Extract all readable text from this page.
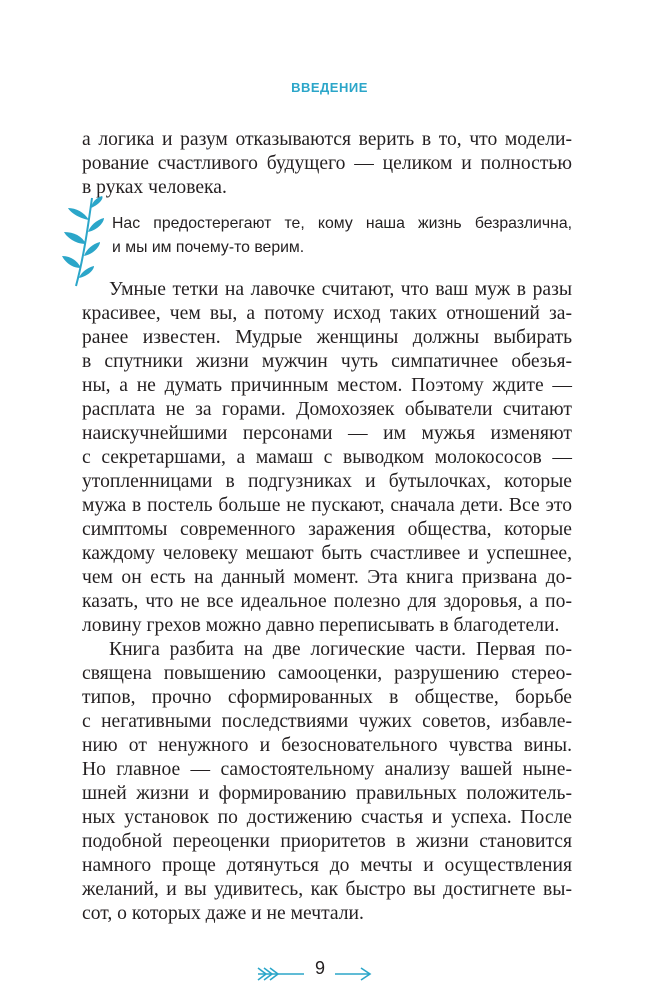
ВВЕДЕНИЕ
а логика и разум отказываются верить в то, что модели-
рование счастливого будущего — целиком и полностью
в руках человека.
Нас предостерегают те, кому наша жизнь безразлична,
и мы им почему-то верим.
Умные тетки на лавочке считают, что ваш муж в разы
красивее, чем вы, а потому исход таких отношений за-
ранее известен. Мудрые женщины должны выбирать
в спутники жизни мужчин чуть симпатичнее обезья-
ны, а не думать причинным местом. Поэтому ждите —
расплата не за горами. Домохозяек обыватели считают
наискучнейшими персонами — им мужья изменяют
с секретаршами, а мамаш с выводком молокососов —
утопленницами в подгузниках и бутылочках, которые
мужа в постель больше не пускают, сначала дети. Все это
симптомы современного заражения общества, которые
каждому человеку мешают быть счастливее и успешнее,
чем он есть на данный момент. Эта книга призвана до-
казать, что не все идеальное полезно для здоровья, а по-
ловину грехов можно давно переписывать в благодетели.
Книга разбита на две логические части. Первая по-
священа повышению самооценки, разрушению стерео-
типов, прочно сформированных в обществе, борьбе
с негативными последствиями чужих советов, избавле-
нию от ненужного и безосновательного чувства вины.
Но главное — самостоятельному анализу вашей ныне-
шней жизни и формированию правильных положитель-
ных установок по достижению счастья и успеха. После
подобной переоценки приоритетов в жизни становится
намного проще дотянуться до мечты и осуществления
желаний, и вы удивитесь, как быстро вы достигнете вы-
сот, о которых даже и не мечтали.
9
